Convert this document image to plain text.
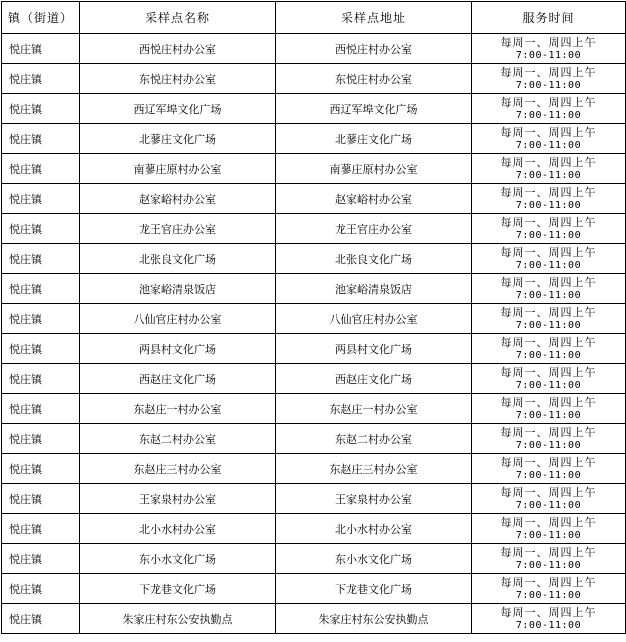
镇（街道）	采样点名称	采样点地址	服务时间
悦庄镇	西悦庄村办公室	西悦庄村办公室	每周一、周四上午
7:00-11:00

悦庄镇	东悦庄村办公室	东悦庄村办公室	每周一、周四上午
7:00-11:00

悦庄镇	西辽军埠文化广场	西辽军埠文化广场	每周一、周四上午
7:00-11:00

悦庄镇	北蓼庄文化广场	北蓼庄文化广场	每周一、周四上午
7:00-11:00

悦庄镇	南蓼庄原村办公室	南蓼庄原村办公室	每周一、周四上午
7:00-11:00

悦庄镇	赵家峪村办公室	赵家峪村办公室	每周一、周四上午
7:00-11:00

悦庄镇	龙王官庄办公室	龙王官庄办公室	每周一、周四上午
7:00-11:00

悦庄镇	北张良文化广场	北张良文化广场	每周一、周四上午
7:00-11:00

悦庄镇	池家峪清泉饭店	池家峪清泉饭店	每周一、周四上午
7:00-11:00

悦庄镇	八仙官庄村办公室	八仙官庄村办公室	每周一、周四上午
7:00-11:00

悦庄镇	两县村文化广场	两县村文化广场	每周一、周四上午
7:00-11:00

悦庄镇	西赵庄文化广场	西赵庄文化广场	每周一、周四上午
7:00-11:00

悦庄镇	东赵庄一村办公室	东赵庄一村办公室	每周一、周四上午
7:00-11:00

悦庄镇	东赵二村办公室	东赵二村办公室	每周一、周四上午
7:00-11:00

悦庄镇	东赵庄三村办公室	东赵庄三村办公室	每周一、周四上午
7:00-11:00

悦庄镇	王家泉村办公室	王家泉村办公室	每周一、周四上午
7:00-11:00

悦庄镇	北小水村办公室	北小水村办公室	每周一、周四上午
7:00-11:00

悦庄镇	东小水文化广场	东小水文化广场	每周一、周四上午
7:00-11:00

悦庄镇	下龙巷文化广场	下龙巷文化广场	每周一、周四上午
7:00-11:00

悦庄镇	朱家庄村东公安执勤点	朱家庄村东公安执勤点	每周一、周四上午
7:00-11:00
